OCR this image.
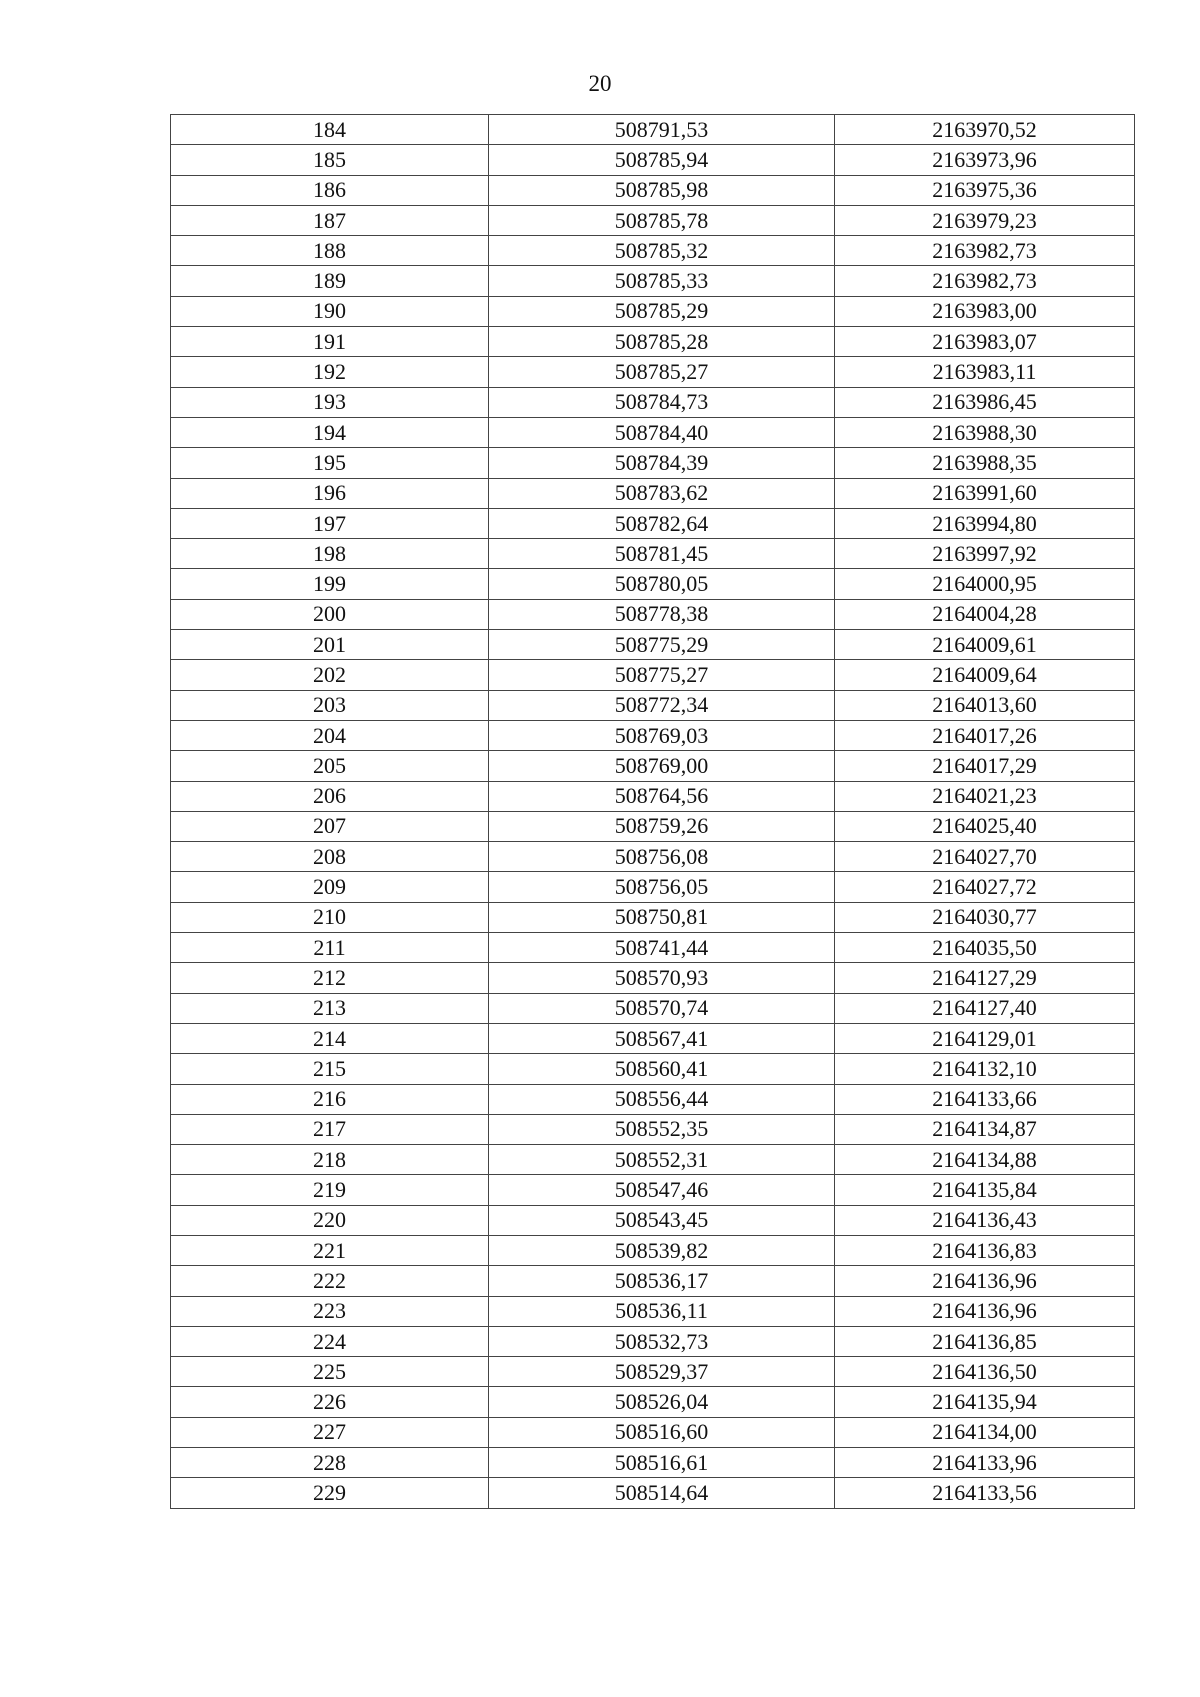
20
184	508791,53	2163970,52
185	508785,94	2163973,96
186	508785,98	2163975,36
187	508785,78	2163979,23
188	508785,32	2163982,73
189	508785,33	2163982,73
190	508785,29	2163983,00
191	508785,28	2163983,07
192	508785,27	2163983,11
193	508784,73	2163986,45
194	508784,40	2163988,30
195	508784,39	2163988,35
196	508783,62	2163991,60
197	508782,64	2163994,80
198	508781,45	2163997,92
199	508780,05	2164000,95
200	508778,38	2164004,28
201	508775,29	2164009,61
202	508775,27	2164009,64
203	508772,34	2164013,60
204	508769,03	2164017,26
205	508769,00	2164017,29
206	508764,56	2164021,23
207	508759,26	2164025,40
208	508756,08	2164027,70
209	508756,05	2164027,72
210	508750,81	2164030,77
211	508741,44	2164035,50
212	508570,93	2164127,29
213	508570,74	2164127,40
214	508567,41	2164129,01
215	508560,41	2164132,10
216	508556,44	2164133,66
217	508552,35	2164134,87
218	508552,31	2164134,88
219	508547,46	2164135,84
220	508543,45	2164136,43
221	508539,82	2164136,83
222	508536,17	2164136,96
223	508536,11	2164136,96
224	508532,73	2164136,85
225	508529,37	2164136,50
226	508526,04	2164135,94
227	508516,60	2164134,00
228	508516,61	2164133,96
229	508514,64	2164133,56
